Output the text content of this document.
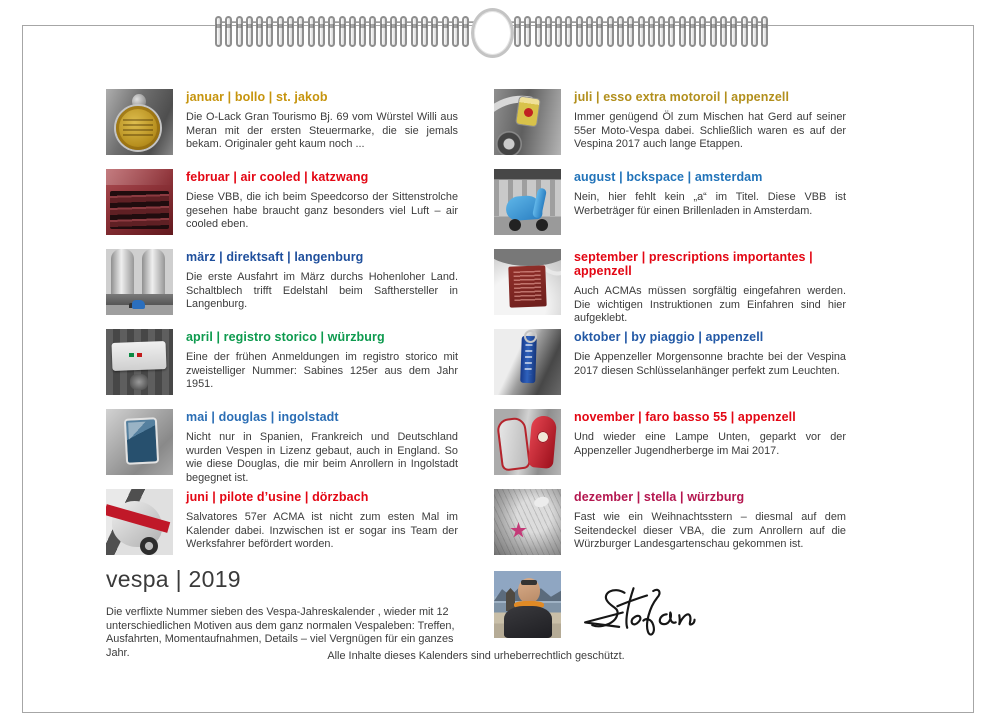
januar | bollo | st. jakob

Die O-Lack Gran Tourismo Bj. 69 vom Würstel Willi aus Meran mit der ersten Steuermarke, die sie jemals bekam. Originaler geht kaum noch ...

februar | air cooled | katzwang

Diese VBB, die ich beim Speedcorso der Sittenstrolche gesehen habe braucht ganz besonders viel Luft – air cooled eben.

märz | direktsaft | langenburg

Die erste Ausfahrt im März durchs Hohenloher Land. Schaltblech trifft Edelstahl beim Safthersteller in Langenburg.

april | registro storico | würzburg

Eine der frühen Anmeldungen im registro storico mit zweistelliger Nummer: Sabines 125er aus dem Jahr 1951.

mai | douglas | ingolstadt

Nicht nur in Spanien, Frankreich und Deutschland wurden Vespen in Lizenz gebaut, auch in England. So wie diese Douglas, die mir beim Anrollern in Ingolstadt begegnet ist.

juni | pilote d’usine | dörzbach

Salvatores 57er ACMA ist nicht zum esten Mal im Kalender dabei. Inzwischen ist er sogar ins Team der Werksfahrer befördert worden.

juli | esso extra motoroil | appenzell

Immer genügend Öl zum Mischen hat Gerd auf seiner 55er Moto-Vespa dabei. Schließlich waren es auf der Vespina 2017 auch lange Etappen.

august | bckspace | amsterdam

Nein, hier fehlt kein „a“ im Titel. Diese VBB ist Werbeträger für einen Brillenladen in Amsterdam.

september | prescriptions importantes | appenzell

Auch ACMAs müssen sorgfältig eingefahren werden. Die wichtigen Instruktionen zum Einfahren sind hier aufgeklebt.

oktober | by piaggio | appenzell

Die Appenzeller Morgensonne brachte bei der Vespina 2017 diesen Schlüsselanhänger perfekt zum Leuchten.

november | faro basso 55 | appenzell

Und wieder eine Lampe Unten, geparkt vor der Appenzeller Jugendherberge im Mai 2017.

dezember | stella | würzburg

Fast wie ein Weihnachtsstern – diesmal auf dem Seitendeckel dieser VBA, die zum Anrollern auf die Würzburger Landesgartenschau gekommen ist.

vespa | 2019

Die verflixte Nummer sieben des Vespa-Jahreskalender , wieder mit 12 unterschiedlichen Motiven aus dem ganz normalen Vespaleben: Treffen, Ausfahrten, Momentaufnahmen, Details – viel Vergnügen für ein ganzes Jahr.	Alle Inhalte dieses Kalenders sind urheberrechtlich geschützt.
